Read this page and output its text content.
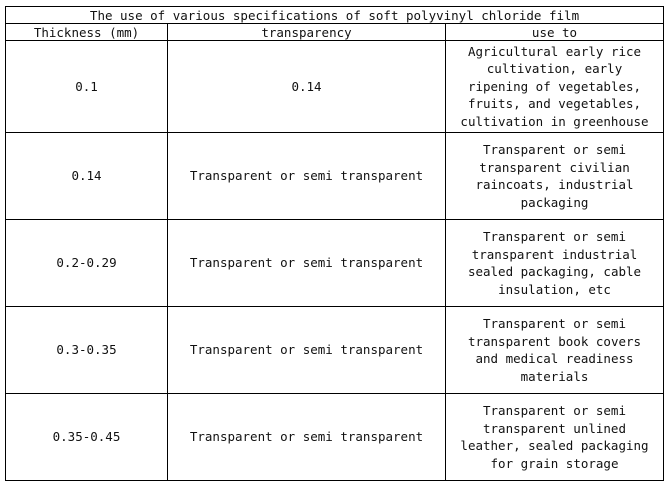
The use of various specifications of soft polyvinyl chloride film		
Thickness (mm)	transparency	use to
0.1	0.14	Agricultural early rice
cultivation, early
ripening of vegetables,
fruits, and vegetables,
cultivation in greenhouse

0.14	Transparent or semi transparent	Transparent or semi
transparent civilian
raincoats, industrial
packaging

0.2-0.29	Transparent or semi transparent	Transparent or semi
transparent industrial
sealed packaging, cable
insulation, etc

0.3-0.35	Transparent or semi transparent	Transparent or semi
transparent book covers
and medical readiness
materials

0.35-0.45	Transparent or semi transparent	Transparent or semi
transparent unlined
leather, sealed packaging
for grain storage
